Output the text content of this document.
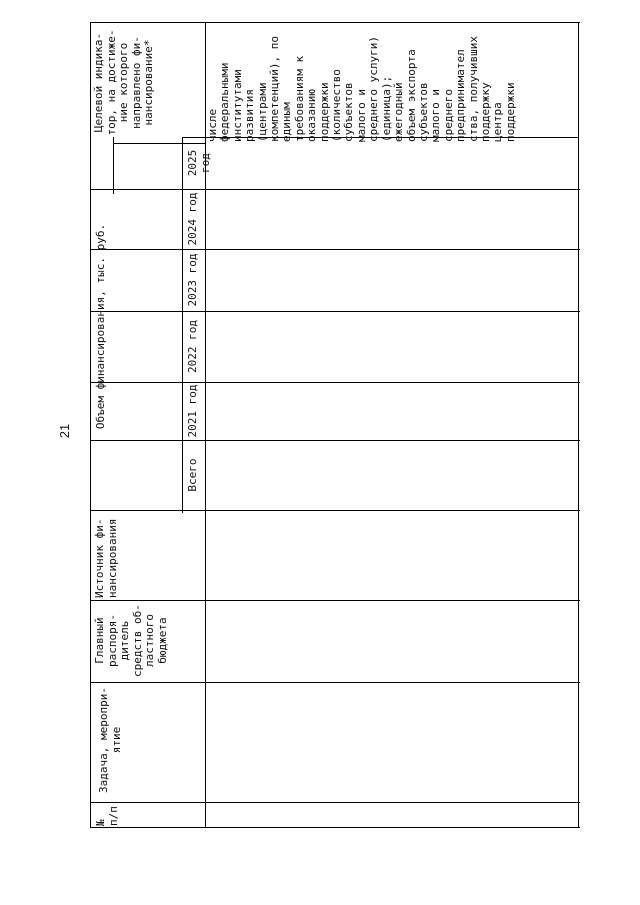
21
Целевой индика-
тор, на достиже-
ние которого
направлено фи-
нансирование*
Объем финансирования, тыс. руб.
2025 год
2024 год
2023 год
2022 год
2021 год
Всего
Источник фи-
нансирования
Главный
распоря-
дитель
средств об-
ластного
бюджета
Задача, меропри-
ятие
№
п/п
числе
федеральными
институтами
развития
(центрами
компетенций), по
единым
требованиям к
оказанию
поддержки
(количество
субъектов
малого и
среднего услуги)
(единица);
ежегодный
объем экспорта
субъектов
малого и
среднего
предпринимател
ства, получивших
поддержку
центра
поддержки
